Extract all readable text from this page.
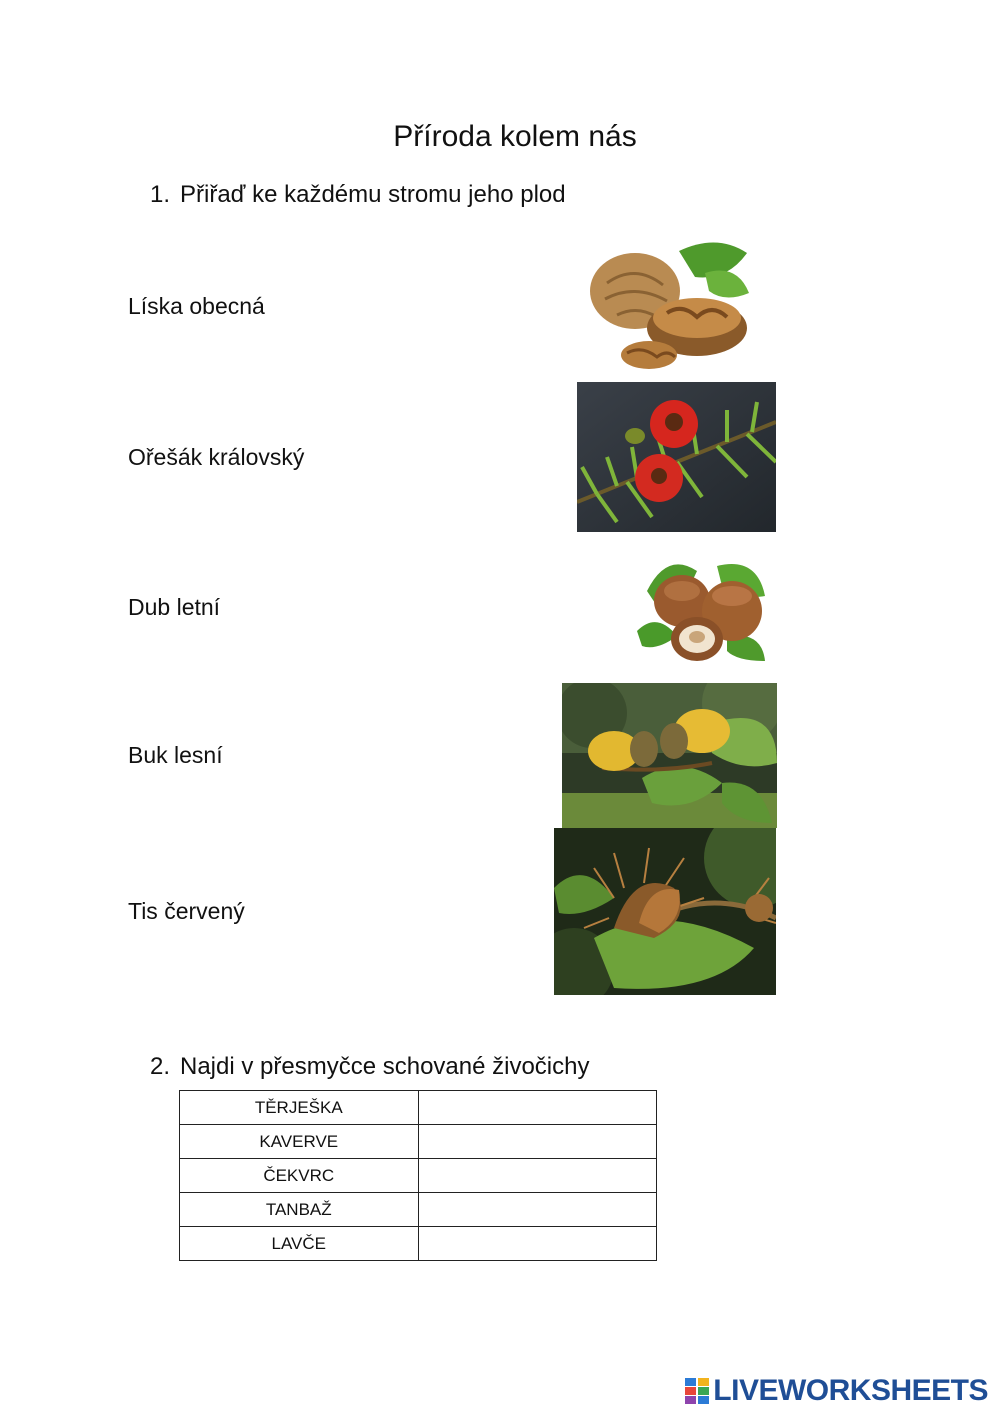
Příroda kolem nás
1. Přiřaď ke každému stromu jeho plod
Líska obecná
Ořešák královský
Dub letní
Buk lesní
Tis červený
2. Najdi v přesmyčce schované živočichy
TĚRJEŠKA	
KAVERVE	
ČEKVRC	
TANBAŽ	
LAVČE	
LIVEWORKSHEETS
